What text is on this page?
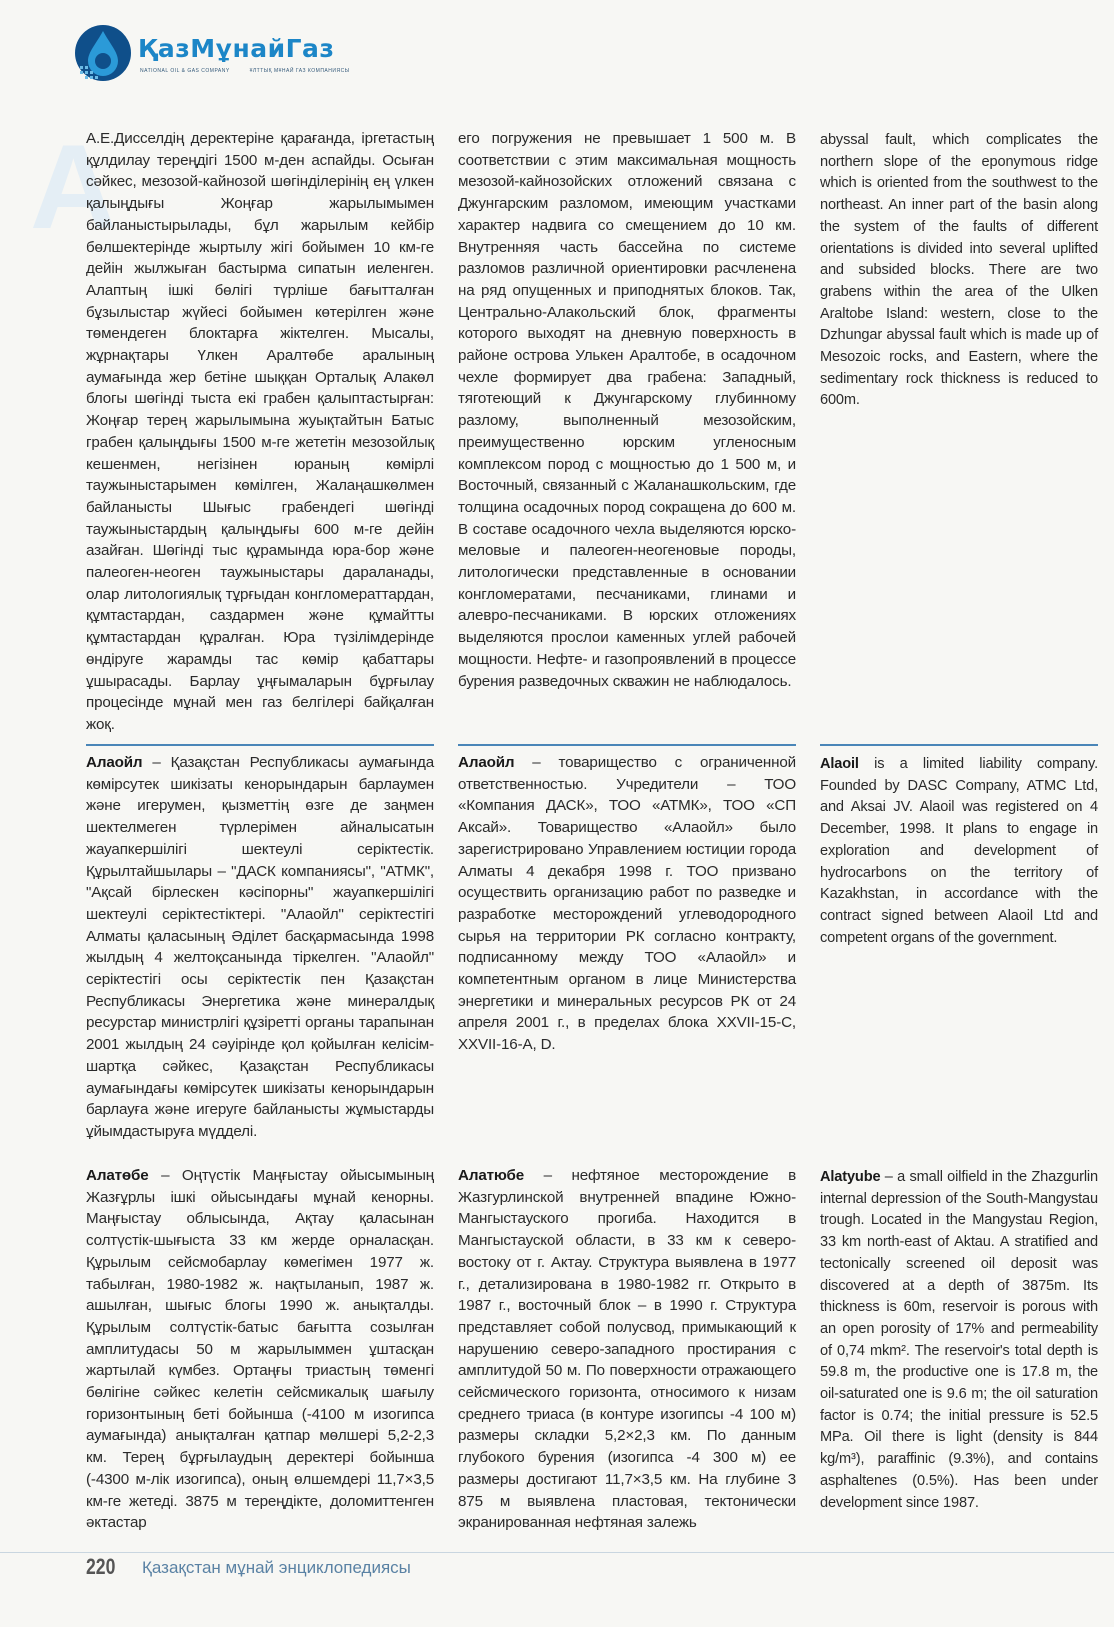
ҚазМұнайГаз
NATIONAL OIL & GAS COMPANY	ҰЛТТЫҚ МҰНАЙ ГАЗ КОМПАНИЯСЫ
А

А.Е.Дисселдің деректеріне қарағанда, іргетастың құлдилау тереңдігі 1500 м-ден аспайды. Осыған сәйкес, мезозой-кайнозой шөгінділерінің ең үлкен қалыңдығы Жоңғар жарылымымен байланыстырылады, бұл жарылым кейбір бөлшектерінде жыртылу жігі бойымен 10 км-ге дейін жылжыған бастырма сипатын иеленген. Алаптың ішкі бөлігі түрліше бағытталған бұзылыстар жүйесі бойымен көтерілген және төмендеген блоктарға жіктелген. Мысалы, жұрнақтары Үлкен Аралтөбе аралының аумағында жер бетіне шыққан Орталық Алакөл блогы шөгінді тыста екі грабен қалыптастырған: Жоңғар терең жарылымына жуықтайтын Батыс грабен қалыңдығы 1500 м-ге жететін мезозойлық кешенмен, негізінен юраның көмірлі таужыныстарымен көмілген, Жалаңашкөлмен байланысты Шығыс грабендегі шөгінді таужыныстардың қалыңдығы 600 м-ге дейін азайған. Шөгінді тыс құрамында юра-бор және палеоген-неоген таужыныстары дараланады, олар литологиялық тұрғыдан конгломераттардан, құмтастардан, саздармен және құмайтты құмтастардан құралған. Юра түзілімдерінде өндіруге жарамды тас көмір қабаттары ұшырасады. Барлау ұңғымаларын бұрғылау процесінде мұнай мен газ белгілері байқалған жоқ.

его погружения не превышает 1 500 м. В соответствии с этим максимальная мощность мезозой-кайнозойских отложений связана с Джунгарским разломом, имеющим участками характер надвига со смещением до 10 км. Внутренняя часть бассейна по системе разломов различной ориентировки расчленена на ряд опущенных и приподнятых блоков. Так, Центрально-Алакольский блок, фрагменты которого выходят на дневную поверхность в районе острова Улькен Аралтобе, в осадочном чехле формирует два грабена: Западный, тяготеющий к Джунгарскому глубинному разлому, выполненный мезозойским, преимущественно юрским угленосным комплексом пород с мощностью до 1 500 м, и Восточный, связанный с Жаланашкольским, где толщина осадочных пород сокращена до 600 м. В составе осадочного чехла выделяются юрско-меловые и палеоген-неогеновые породы, литологически представленные в основании конгломератами, песчаниками, глинами и алевро-песчаниками. В юрских отложениях выделяются прослои каменных углей рабочей мощности. Нефте- и газопроявлений в процессе бурения разведочных скважин не наблюдалось.

abyssal fault, which complicates the northern slope of the eponymous ridge which is oriented from the southwest to the northeast. An inner part of the basin along the system of the faults of different orientations is divided into several uplifted and subsided blocks. There are two grabens within the area of the Ulken Araltobe Island: western, close to the Dzhungar abyssal fault which is made up of Mesozoic rocks, and Eastern, where the sedimentary rock thickness is reduced to 600m.

Алаойл – Қазақстан Республикасы аумағында көмірсутек шикізаты кенорындарын барлаумен және игерумен, қызметтің өзге де заңмен шектелмеген түрлерімен айналысатын жауапкершілігі шектеулі серіктестік. Құрылтайшылары – "ДАСК компаниясы", "АТМК", "Ақсай бірлескен кәсіпорны" жауапкершілігі шектеулі серіктестіктері. "Алаойл" серіктестігі Алматы қаласының Әділет басқармасында 1998 жылдың 4 желтоқсанында тіркелген. "Алаойл" серіктестігі осы серіктестік пен Қазақстан Республикасы Энергетика және минералдық ресурстар министрлігі құзіретті органы тарапынан 2001 жылдың 24 сәуірінде қол қойылған келісім-шартқа сәйкес, Қазақстан Республикасы аумағындағы көмірсутек шикізаты кенорындарын барлауға және игеруге байланысты жұмыстарды ұйымдастыруға мүдделі.

Алаойл – товарищество с ограниченной ответственностью. Учредители – ТОО «Компания ДАСК», ТОО «АТМК», ТОО «СП Аксай». Товарищество «Алаойл» было зарегистрировано Управлением юстиции города Алматы 4 декабря 1998 г. ТОО призвано осуществить организацию работ по разведке и разработке месторождений углеводородного сырья на территории РК согласно контракту, подписанному между ТОО «Алаойл» и компетентным органом в лице Министерства энергетики и минеральных ресурсов РК от 24 апреля 2001 г., в пределах блока XXVII-15-С, XXVII-16-А, D.

Alaoil is a limited liability company. Founded by DASC Company, ATMC Ltd, and Aksai JV. Alaoil was registered on 4 December, 1998. It plans to engage in exploration and development of hydrocarbons on the territory of Kazakhstan, in accordance with the contract signed between Alaoil Ltd and competent organs of the government.

Алатөбе – Оңтүстік Маңғыстау ойысымының Жазғұрлы ішкі ойысындағы мұнай кенорны. Маңғыстау облысында, Ақтау қаласынан солтүстік-шығыста 33 км жерде орналасқан. Құрылым сейсмобарлау көмегімен 1977 ж. табылған, 1980-1982 ж. нақтыланып, 1987 ж. ашылған, шығыс блогы 1990 ж. анықталды. Құрылым солтүстік-батыс бағытта созылған амплитудасы 50 м жарылыммен ұштасқан жартылай күмбез. Ортаңғы триастың төменгі бөлігіне сәйкес келетін сейсмикалық шағылу горизонтының беті бойынша (-4100 м изогипса аумағында) анықталған қатпар мөлшері 5,2-2,3 км. Терең бұрғылаудың деректері бойынша (-4300 м-лік изогипса), оның өлшемдері 11,7×3,5 км-ге жетеді. 3875 м тереңдікте, доломиттенген әктастар

Алатюбе – нефтяное месторождение в Жазгурлинской внутренней впадине Южно-Мангыстауского прогиба. Находится в Мангыстауской области, в 33 км к северо-востоку от г. Актау. Структура выявлена в 1977 г., детализирована в 1980-1982 гг. Открыто в 1987 г., восточный блок – в 1990 г. Структура представляет собой полусвод, примыкающий к нарушению северо-западного простирания с амплитудой 50 м. По поверхности отражающего сейсмического горизонта, относимого к низам среднего триаса (в контуре изогипсы -4 100 м) размеры складки 5,2×2,3 км. По данным глубокого бурения (изогипса -4 300 м) ее размеры достигают 11,7×3,5 км. На глубине 3 875 м выявлена пластовая, тектонически экранированная нефтяная залежь

Alatyube – a small oilfield in the Zhazgurlin internal depression of the South-Mangystau trough. Located in the Mangystau Region, 33 km north-east of Aktau. A stratified and tectonically screened oil deposit was discovered at a depth of 3875m. Its thickness is 60m, reservoir is porous with an open porosity of 17% and permeability of 0,74 mkm². The reservoir's total depth is 59.8 m, the productive one is 17.8 m, the oil-saturated one is 9.6 m; the oil saturation factor is 0.74; the initial pressure is 52.5 MPa. Oil there is light (density is 844 kg/m³), paraffinic (9.3%), and contains asphaltenes (0.5%). Has been under development since 1987.

220 Қазақстан мұнай энциклопедиясы
